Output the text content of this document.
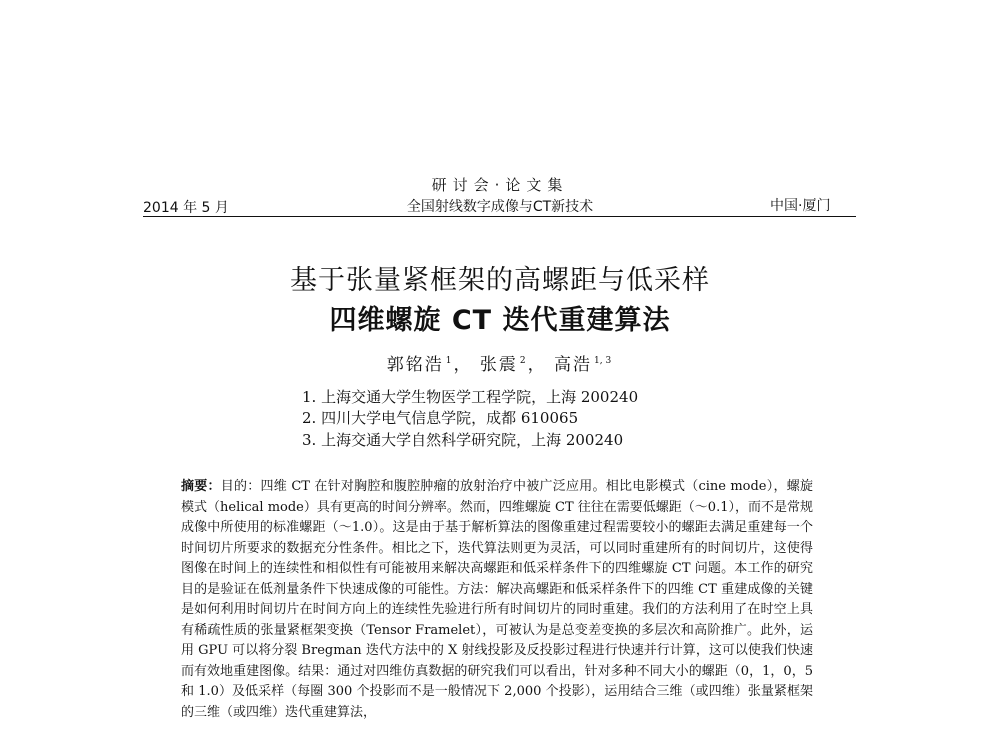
研讨会·论文集
全国射线数字成像与CT新技术
2014 年 5 月	中国·厦门
基于张量紧框架的高螺距与低采样
四维螺旋 CT 迭代重建算法
郭铭浩 $^1$ ， 张震 $^2$ ， 高浩 $^{1, 3}$
1. 上海交通大学生物医学工程学院，上海 200240
2. 四川大学电气信息学院，成都 610065
3. 上海交通大学自然科学研究院，上海 200240
摘要：目的：四维 CT 在针对胸腔和腹腔肿瘤的放射治疗中被广泛应用。相比电影模式（cine mode），螺旋模式（helical mode）具有更高的时间分辨率。然而，四维螺旋 CT 往往在需要低螺距（～0.1），而不是常规成像中所使用的标准螺距（～1.0）。这是由于基于解析算法的图像重建过程需要较小的螺距去满足重建每一个时间切片所要求的数据充分性条件。相比之下，迭代算法则更为灵活，可以同时重建所有的时间切片，这使得图像在时间上的连续性和相似性有可能被用来解决高螺距和低采样条件下的四维螺旋 CT 问题。本工作的研究目的是验证在低剂量条件下快速成像的可能性。方法：解决高螺距和低采样条件下的四维 CT 重建成像的关键是如何利用时间切片在时间方向上的连续性先验进行所有时间切片的同时重建。我们的方法利用了在时空上具有稀疏性质的张量紧框架变换（Tensor Framelet），可被认为是总变差变换的多层次和高阶推广。此外，运用 GPU 可以将分裂 Bregman 迭代方法中的 X 射线投影及反投影过程进行快速并行计算，这可以使我们快速而有效地重建图像。结果：通过对四维仿真数据的研究我们可以看出，针对多种不同大小的螺距（0，1，0，5 和 1.0）及低采样（每圈 300 个投影而不是一般情况下 2,000 个投影），运用结合三维（或四维）张量紧框架的三维（或四维）迭代重建算法，
